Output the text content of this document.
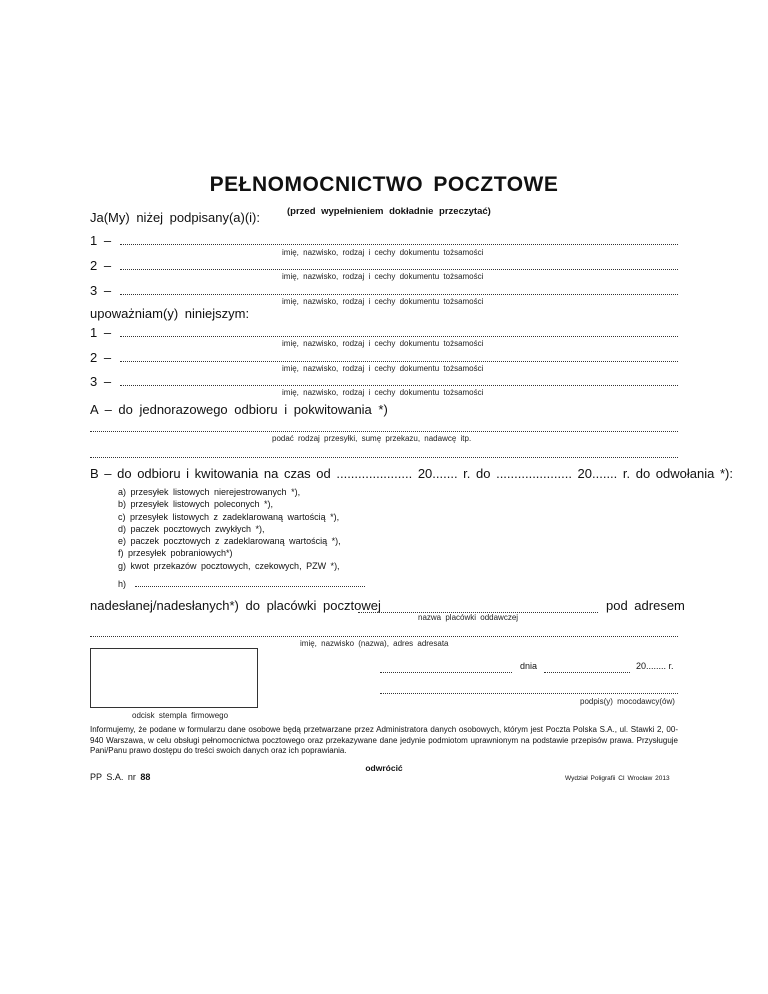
PEŁNOMOCNICTWO POCZTOWE
(przed wypełnieniem dokładnie przeczytać)
Ja(My) niżej podpisany(a)(i):
1 –
imię, nazwisko, rodzaj i cechy dokumentu tożsamości
2 –
imię, nazwisko, rodzaj i cechy dokumentu tożsamości
3 –
imię, nazwisko, rodzaj i cechy dokumentu tożsamości
upoważniam(y) niniejszym:
1 –
imię, nazwisko, rodzaj i cechy dokumentu tożsamości
2 –
imię, nazwisko, rodzaj i cechy dokumentu tożsamości
3 –
imię, nazwisko, rodzaj i cechy dokumentu tożsamości
A – do jednorazowego odbioru i pokwitowania *)
podać rodzaj przesyłki, sumę przekazu, nadawcę itp.
B – do odbioru i kwitowania na czas od ..................... 20....... r. do ..................... 20....... r. do odwołania *):
a) przesyłek listowych nierejestrowanych *),
b) przesyłek listowych poleconych *),
c) przesyłek listowych z zadeklarowaną wartością *),
d) paczek pocztowych zwykłych *),
e) paczek pocztowych z zadeklarowaną wartością *),
f) przesyłek pobraniowych*)
g) kwot przekazów pocztowych, czekowych, PZW *),
h)
nadesłanej/nadesłanych*) do placówki pocztowej	pod adresem
nazwa placówki oddawczej
imię, nazwisko (nazwa), adres adresata
odcisk stempla firmowego
dnia	20........ r.
podpis(y) mocodawcy(ów)
Informujemy, że podane w formularzu dane osobowe będą przetwarzane przez Administratora danych osobowych, którym jest Poczta Polska S.A., ul. Stawki 2, 00-940 Warszawa, w celu obsługi pełnomocnictwa pocztowego oraz przekazywane dane jedynie podmiotom uprawnionym na podstawie przepisów prawa. Przysługuje Pani/Panu prawo dostępu do treści swoich danych oraz ich poprawiania.
odwrócić
PP S.A. nr 88	Wydział Poligrafii CI Wrocław 2013
